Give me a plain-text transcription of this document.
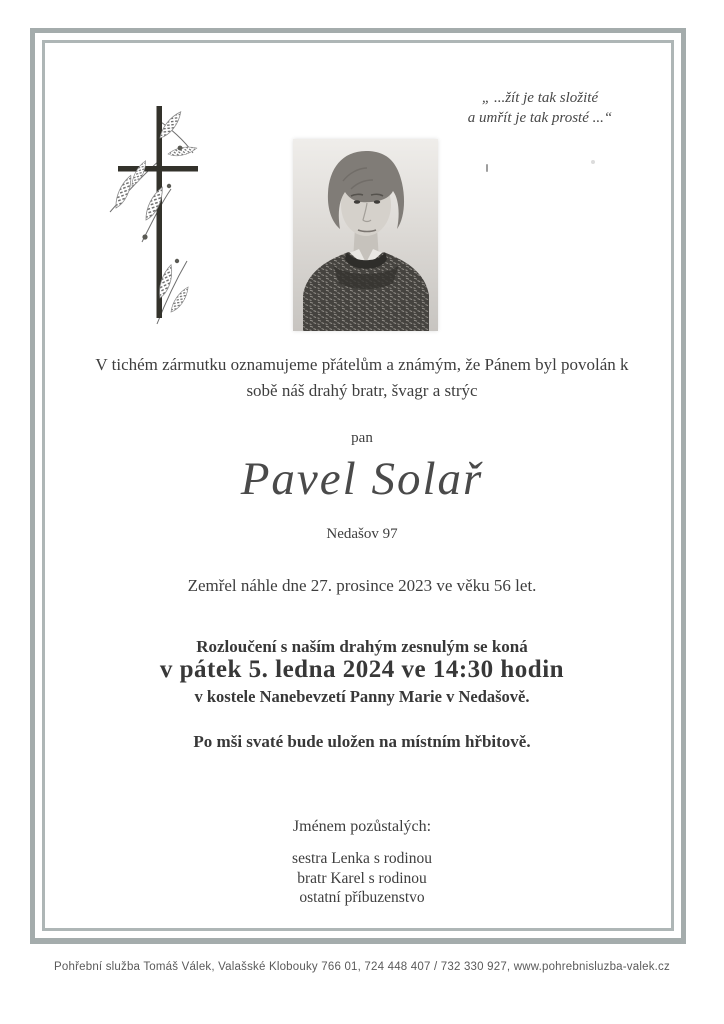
„ ...žít je tak složité
a umřít je tak prosté ...“
V tichém zármutku oznamujeme přátelům a známým, že Pánem byl povolán k
sobě náš drahý bratr, švagr a strýc
pan
Pavel Solař
Nedašov 97
Zemřel náhle dne 27. prosince 2023 ve věku 56 let.
Rozloučení s naším drahým zesnulým se koná
v pátek 5. ledna 2024 ve 14:30 hodin
v kostele Nanebevzetí Panny Marie v Nedašově.
Po mši svaté bude uložen na místním hřbitově.
Jménem pozůstalých:
sestra Lenka s rodinou
bratr Karel s rodinou
ostatní příbuzenstvo
Pohřební služba Tomáš Válek, Valašské Klobouky 766 01, 724 448 407 / 732 330 927, www.pohrebnisluzba-valek.cz
